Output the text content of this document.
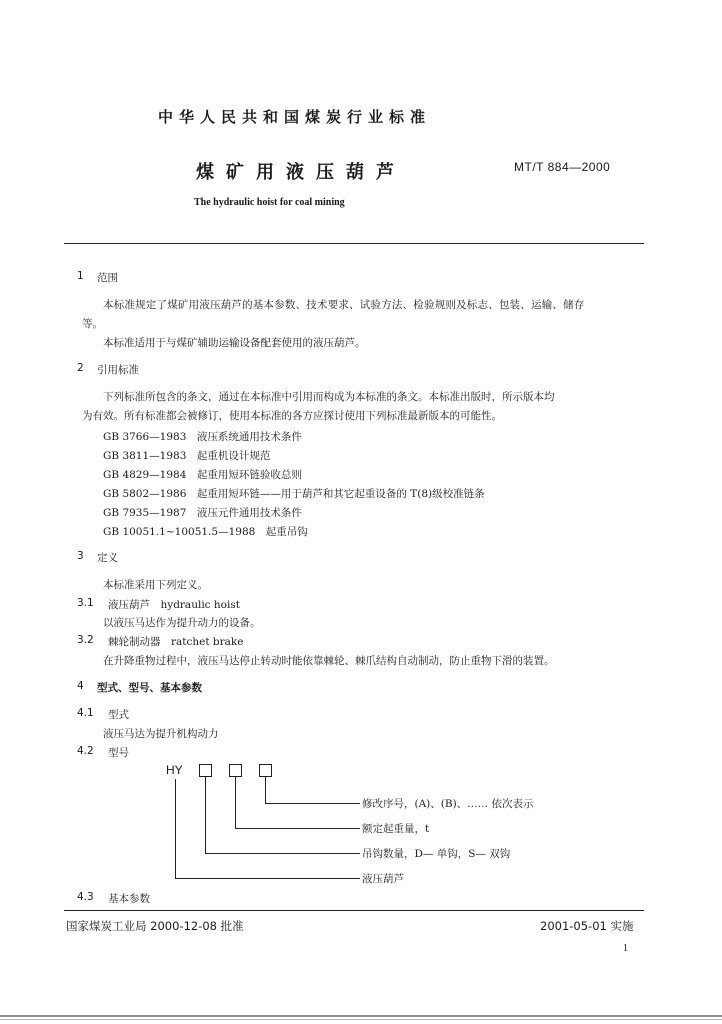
中华人民共和国煤炭行业标准
煤矿用液压葫芦	MT/T 884—2000
The hydraulic hoist for coal mining
1 范围
本标准规定了煤矿用液压葫芦的基本参数、技术要求、试验方法、检验规则及标志、包装、运输、储存
等。
本标准适用于与煤矿辅助运输设备配套使用的液压葫芦。
2 引用标准
下列标准所包含的条文，通过在本标准中引用而构成为本标准的条文。本标准出版时，所示版本均
为有效。所有标准都会被修订，使用本标准的各方应探讨使用下列标准最新版本的可能性。
GB 3766—1983　液压系统通用技术条件
GB 3811—1983　起重机设计规范
GB 4829—1984　起重用短环链验收总则
GB 5802—1986　起重用短环链——用于葫芦和其它起重设备的 T(8)级校准链条
GB 7935—1987　液压元件通用技术条件
GB 10051.1~10051.5—1988　起重吊钩
3 定义
本标准采用下列定义。
3.1 液压葫芦　hydraulic hoist
以液压马达作为提升动力的设备。
3.2 棘轮制动器　ratchet brake
在升降重物过程中，液压马达停止转动时能依靠棘轮、棘爪结构自动制动，防止重物下滑的装置。
4 型式、型号、基本参数
4.1 型式
液压马达为提升机构动力
4.2 型号
HY
修改序号，(A)、(B)、…… 依次表示
额定起重量，t
吊钩数量，D— 单钩，S— 双钩
液压葫芦
4.3 基本参数
国家煤炭工业局 2000-12-08 批准	2001-05-01 实施
1
